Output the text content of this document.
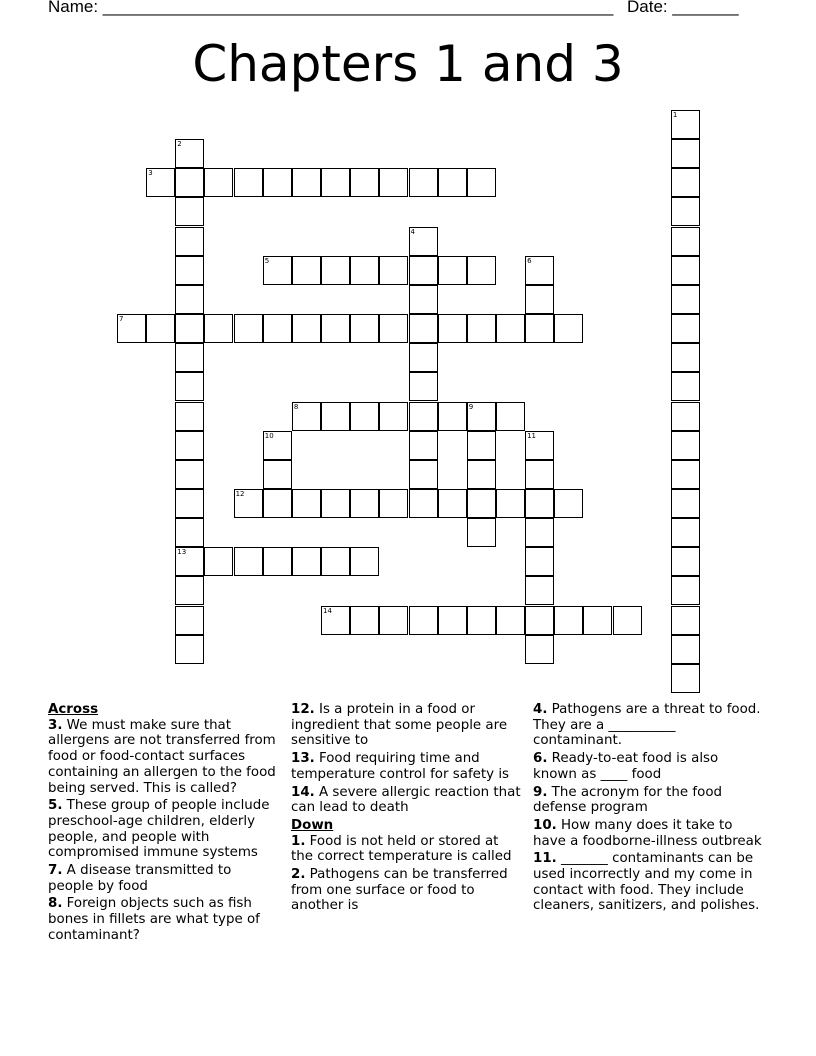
Name: ______________________________________________________ Date: _______
Chapters 1 and 3
1
2
13
3
4
5	6
7
8	9
10	11
12
14

Across

3. We must make sure that allergens are not transferred from food or food-contact surfaces containing an allergen to the food being served. This is called?

5. These group of people include preschool-age children, elderly people, and people with compromised immune systems

7. A disease transmitted to people by food

8. Foreign objects such as fish bones in fillets are what type of contaminant?

12. Is a protein in a food or ingredient that some people are sensitive to

13. Food requiring time and temperature control for safety is

14. A severe allergic reaction that can lead to death

Down

1. Food is not held or stored at the correct temperature is called

2. Pathogens can be transferred from one surface or food to another is

4. Pathogens are a threat to food. They are a __________ contaminant.

6. Ready-to-eat food is also known as ____ food

9. The acronym for the food defense program

10. How many does it take to have a foodborne-illness outbreak

11. _______ contaminants can be used incorrectly and my come in contact with food. They include cleaners, sanitizers, and polishes.
